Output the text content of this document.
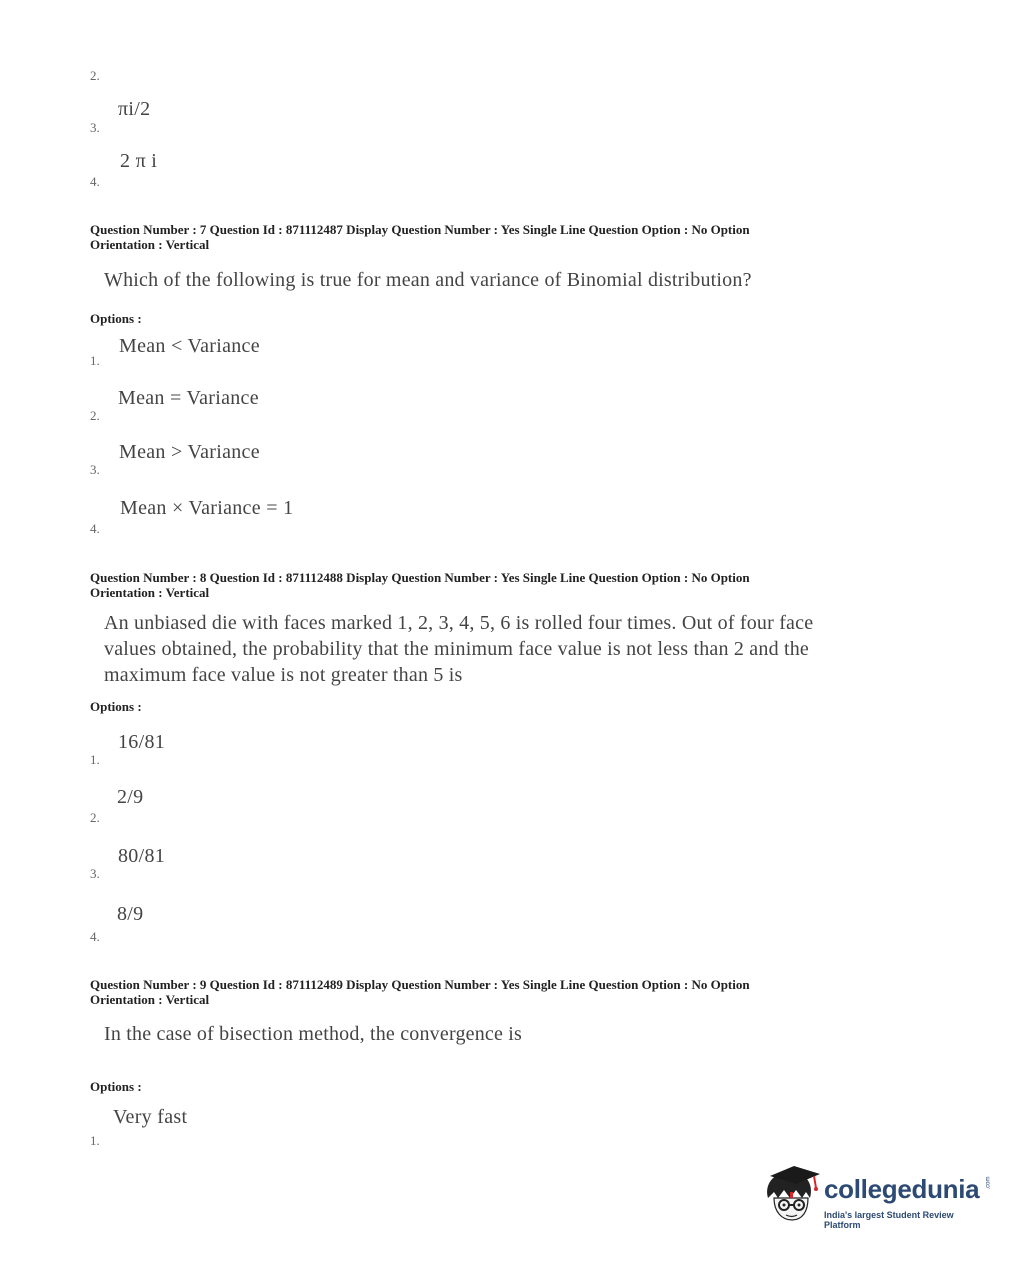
2.
πi/2
3.
2 π i
4.
Question Number : 7 Question Id : 871112487 Display Question Number : Yes Single Line Question Option : No Option
Orientation : Vertical
Which of the following is true for mean and variance of Binomial distribution?
Options :
Mean < Variance
1.
Mean = Variance
2.
Mean > Variance
3.
Mean × Variance = 1
4.
Question Number : 8 Question Id : 871112488 Display Question Number : Yes Single Line Question Option : No Option
Orientation : Vertical
An unbiased die with faces marked 1, 2, 3, 4, 5, 6 is rolled four times. Out of four face
values obtained, the probability that the minimum face value is not less than 2 and the
maximum face value is not greater than 5 is
Options :
16/81
1.
2/9
2.
80/81
3.
8/9
4.
Question Number : 9 Question Id : 871112489 Display Question Number : Yes Single Line Question Option : No Option
Orientation : Vertical
In the case of bisection method, the convergence is
Options :
Very fast
1.
collegedunia .com
India's largest Student Review Platform
